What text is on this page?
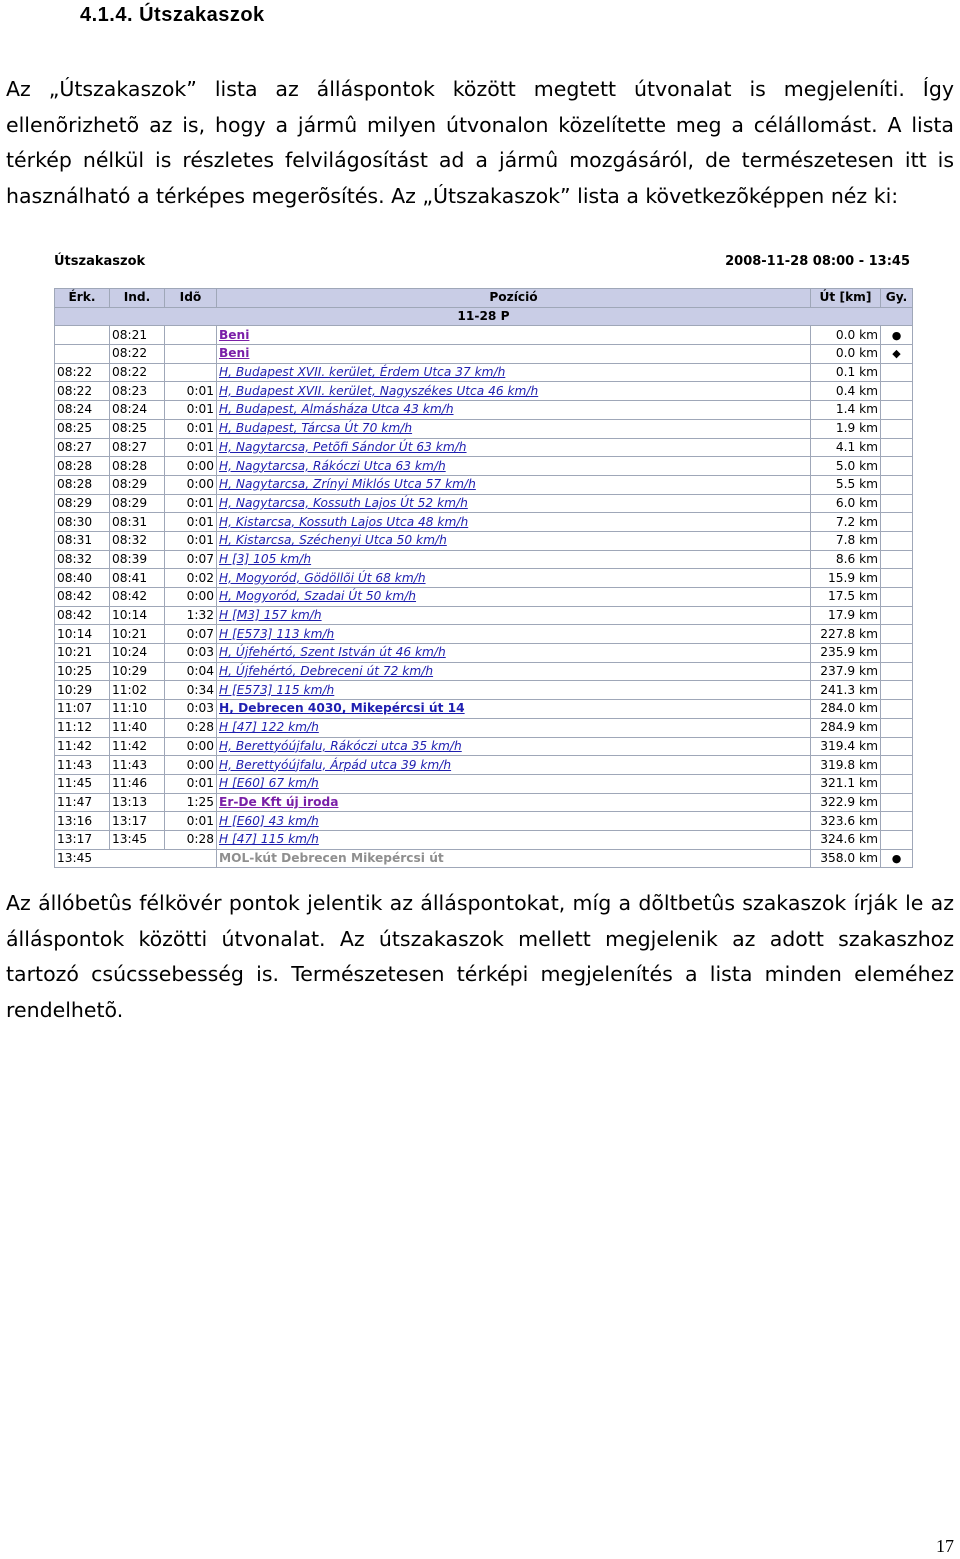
4.1.4. Útszakaszok
Az „Útszakaszok” lista az álláspontok között megtett útvonalat is megjeleníti. Így ellenõrizhetõ az is, hogy a jármû milyen útvonalon közelítette meg a célállomást. A lista térkép nélkül is részletes felvilágosítást ad a jármû mozgásáról, de természetesen itt is használható a térképes megerõsítés. Az „Útszakaszok” lista a következõképpen néz ki:
Útszakaszok	2008-11-28 08:00 - 13:45
Érk.	Ind.	Idõ	Pozíció	Út [km]	Gy.
11-28 P					
	08:21		Beni	0.0 km	●
	08:22		Beni	0.0 km	◆
08:22	08:22		H, Budapest XVII. kerület, Érdem Utca 37 km/h	0.1 km	
08:22	08:23	0:01	H, Budapest XVII. kerület, Nagyszékes Utca 46 km/h	0.4 km	
08:24	08:24	0:01	H, Budapest, Almásháza Utca 43 km/h	1.4 km	
08:25	08:25	0:01	H, Budapest, Tárcsa Út 70 km/h	1.9 km	
08:27	08:27	0:01	H, Nagytarcsa, Petõfi Sándor Út 63 km/h	4.1 km	
08:28	08:28	0:00	H, Nagytarcsa, Rákóczi Utca 63 km/h	5.0 km	
08:28	08:29	0:00	H, Nagytarcsa, Zrínyi Miklós Utca 57 km/h	5.5 km	
08:29	08:29	0:01	H, Nagytarcsa, Kossuth Lajos Út 52 km/h	6.0 km	
08:30	08:31	0:01	H, Kistarcsa, Kossuth Lajos Utca 48 km/h	7.2 km	
08:31	08:32	0:01	H, Kistarcsa, Széchenyi Utca 50 km/h	7.8 km	
08:32	08:39	0:07	H [3] 105 km/h	8.6 km	
08:40	08:41	0:02	H, Mogyoród, Gödöllõi Út 68 km/h	15.9 km	
08:42	08:42	0:00	H, Mogyoród, Szadai Út 50 km/h	17.5 km	
08:42	10:14	1:32	H [M3] 157 km/h	17.9 km	
10:14	10:21	0:07	H [E573] 113 km/h	227.8 km	
10:21	10:24	0:03	H, Újfehértó, Szent István út 46 km/h	235.9 km	
10:25	10:29	0:04	H, Újfehértó, Debreceni út 72 km/h	237.9 km	
10:29	11:02	0:34	H [E573] 115 km/h	241.3 km	
11:07	11:10	0:03	H, Debrecen 4030, Mikepércsi út 14	284.0 km	
11:12	11:40	0:28	H [47] 122 km/h	284.9 km	
11:42	11:42	0:00	H, Berettyóújfalu, Rákóczi utca 35 km/h	319.4 km	
11:43	11:43	0:00	H, Berettyóújfalu, Árpád utca 39 km/h	319.8 km	
11:45	11:46	0:01	H [E60] 67 km/h	321.1 km	
11:47	13:13	1:25	Er-De Kft új iroda	322.9 km	
13:16	13:17	0:01	H [E60] 43 km/h	323.6 km	
13:17	13:45	0:28	H [47] 115 km/h	324.6 km	
13:45			MOL-kút Debrecen Mikepércsi út	358.0 km	●
Az állóbetûs félkövér pontok jelentik az álláspontokat, míg a dõltbetûs szakaszok írják le az álláspontok közötti útvonalat. Az útszakaszok mellett megjelenik az adott szakaszhoz tartozó csúcssebesség is. Természetesen térképi megjelenítés a lista minden eleméhez rendelhetõ.
17
